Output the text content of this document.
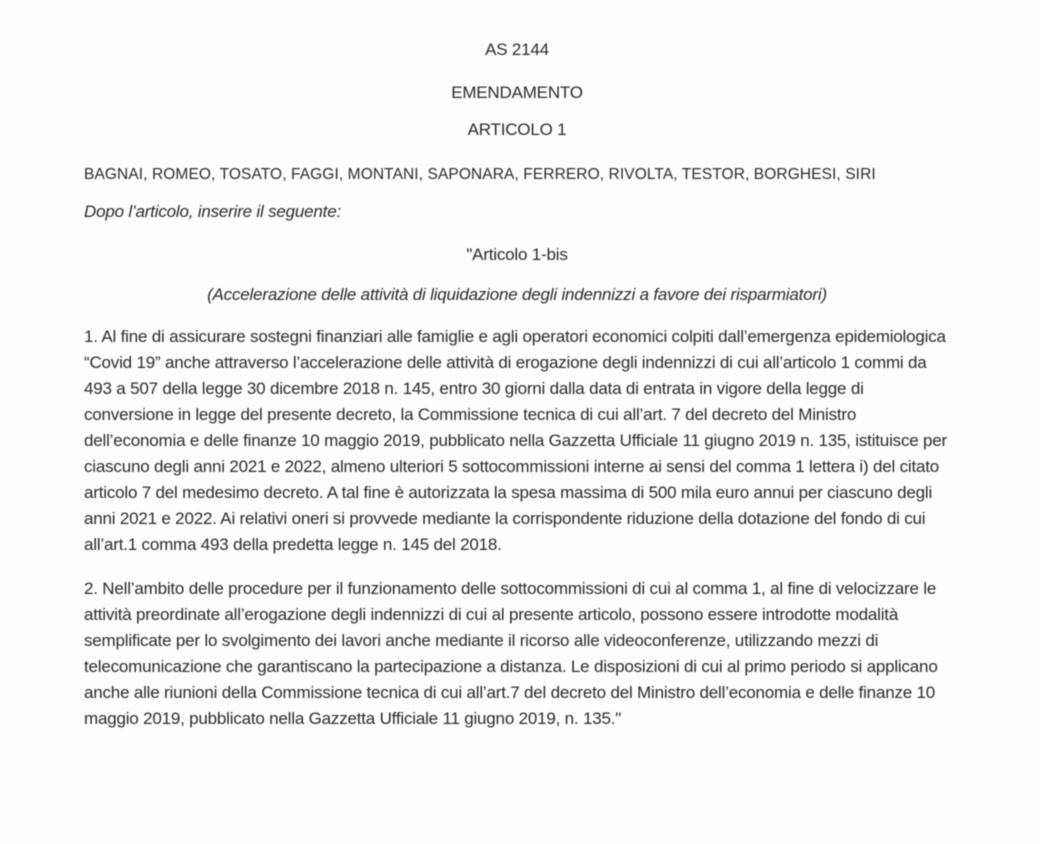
AS 2144

EMENDAMENTO

ARTICOLO 1

BAGNAI, ROMEO, TOSATO, FAGGI, MONTANI, SAPONARA, FERRERO, RIVOLTA, TESTOR, BORGHESI, SIRI

Dopo l’articolo, inserire il seguente:

"Articolo 1-bis

(Accelerazione delle attività di liquidazione degli indennizzi a favore dei risparmiatori)

1. Al fine di assicurare sostegni finanziari alle famiglie e agli operatori economici colpiti dall’emergenza epidemiologica “Covid 19” anche attraverso l’accelerazione delle attività di erogazione degli indennizzi di cui all’articolo 1 commi da 493 a 507 della legge 30 dicembre 2018 n. 145, entro 30 giorni dalla data di entrata in vigore della legge di conversione in legge del presente decreto, la Commissione tecnica di cui all’art. 7 del decreto del Ministro dell’economia e delle finanze 10 maggio 2019, pubblicato nella Gazzetta Ufficiale 11 giugno 2019 n. 135, istituisce per ciascuno degli anni 2021 e 2022, almeno ulteriori 5 sottocommissioni interne ai sensi del comma 1 lettera i) del citato articolo 7 del medesimo decreto. A tal fine è autorizzata la spesa massima di 500 mila euro annui per ciascuno degli anni 2021 e 2022. Ai relativi oneri si provvede mediante la corrispondente riduzione della dotazione del fondo di cui all’art.1 comma 493 della predetta legge n. 145 del 2018.

2. Nell’ambito delle procedure per il funzionamento delle sottocommissioni di cui al comma 1, al fine di velocizzare le attività preordinate all’erogazione degli indennizzi di cui al presente articolo, possono essere introdotte modalità semplificate per lo svolgimento dei lavori anche mediante il ricorso alle videoconferenze, utilizzando mezzi di telecomunicazione che garantiscano la partecipazione a distanza. Le disposizioni di cui al primo periodo si applicano anche alle riunioni della Commissione tecnica di cui all’art.7 del decreto del Ministro dell’economia e delle finanze 10 maggio 2019, pubblicato nella Gazzetta Ufficiale 11 giugno 2019, n. 135."
